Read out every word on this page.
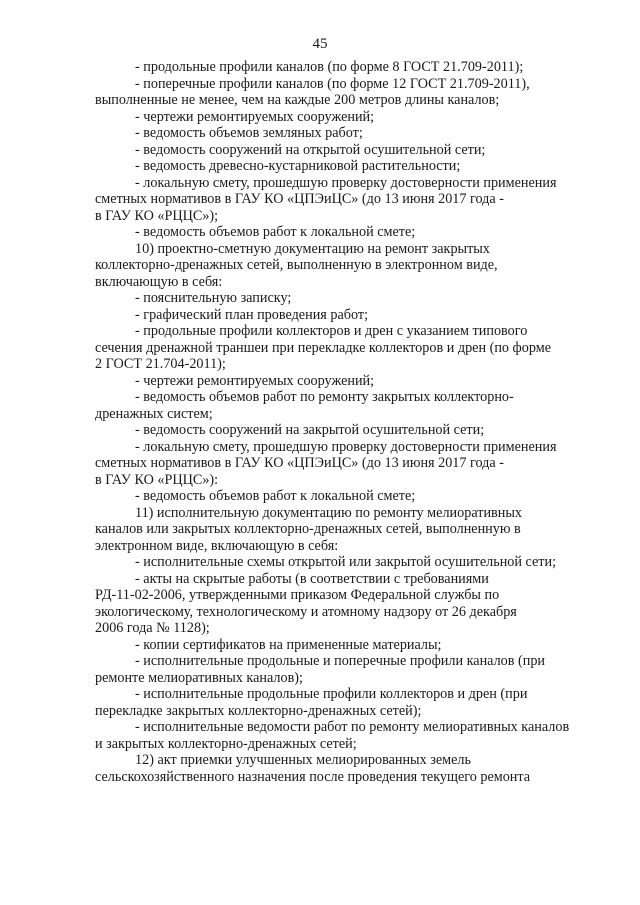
45
- продольные профили каналов (по форме 8 ГОСТ 21.709-2011);
- поперечные профили каналов (по форме 12 ГОСТ 21.709-2011),
выполненные не менее, чем на каждые 200 метров длины каналов;
- чертежи ремонтируемых сооружений;
- ведомость объемов земляных работ;
- ведомость сооружений на открытой осушительной сети;
- ведомость древесно-кустарниковой растительности;
- локальную смету, прошедшую проверку достоверности применения
сметных нормативов в ГАУ КО «ЦПЭиЦС» (до 13 июня 2017 года -
в ГАУ КО «РЦЦС»);
- ведомость объемов работ к локальной смете;
10) проектно-сметную документацию на ремонт закрытых
коллекторно-дренажных сетей, выполненную в электронном виде,
включающую в себя:
- пояснительную записку;
- графический план проведения работ;
- продольные профили коллекторов и дрен с указанием типового
сечения дренажной траншеи при перекладке коллекторов и дрен (по форме
2 ГОСТ 21.704-2011);
- чертежи ремонтируемых сооружений;
- ведомость объемов работ по ремонту закрытых коллекторно-
дренажных систем;
- ведомость сооружений на закрытой осушительной сети;
- локальную смету, прошедшую проверку достоверности применения
сметных нормативов в ГАУ КО «ЦПЭиЦС» (до 13 июня 2017 года -
в ГАУ КО «РЦЦС»):
- ведомость объемов работ к локальной смете;
11) исполнительную документацию по ремонту мелиоративных
каналов или закрытых коллекторно-дренажных сетей, выполненную в
электронном виде, включающую в себя:
- исполнительные схемы открытой или закрытой осушительной сети;
- акты на скрытые работы (в соответствии с требованиями
РД-11-02-2006, утвержденными приказом Федеральной службы по
экологическому, технологическому и атомному надзору от 26 декабря
2006 года № 1128);
- копии сертификатов на примененные материалы;
- исполнительные продольные и поперечные профили каналов (при
ремонте мелиоративных каналов);
- исполнительные продольные профили коллекторов и дрен (при
перекладке закрытых коллекторно-дренажных сетей);
- исполнительные ведомости работ по ремонту мелиоративных каналов
и закрытых коллекторно-дренажных сетей;
12) акт приемки улучшенных мелиорированных земель
сельскохозяйственного назначения после проведения текущего ремонта
